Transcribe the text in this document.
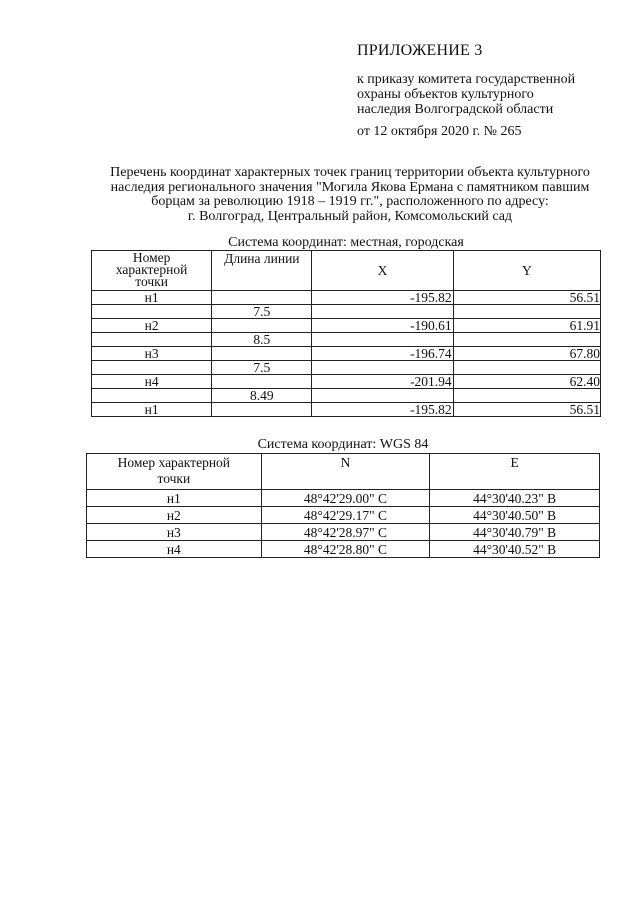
ПРИЛОЖЕНИЕ 3
к приказу комитета государственной
охраны объектов культурного
наследия Волгоградской области
от 12 октября 2020 г. № 265
Перечень координат характерных точек границ территории объекта культурного
наследия регионального значения "Могила Якова Ермана с памятником павшим
борцам за революцию 1918 – 1919 гг.", расположенного по адресу:
г. Волгоград, Центральный район, Комсомольский сад
Система координат: местная, городская
Номер
характерной
точки	Длина линии	X	Y
н1		-195.82	56.51
	7.5		
н2		-190.61	61.91
	8.5		
н3		-196.74	67.80
	7.5		
н4		-201.94	62.40
	8.49		
н1		-195.82	56.51
Система координат: WGS 84
Номер характерной
точки	N	E
н1	48°42'29.00" С	44°30'40.23" В
н2	48°42'29.17" С	44°30'40.50" В
н3	48°42'28.97" С	44°30'40.79" В
н4	48°42'28.80" С	44°30'40.52" В
